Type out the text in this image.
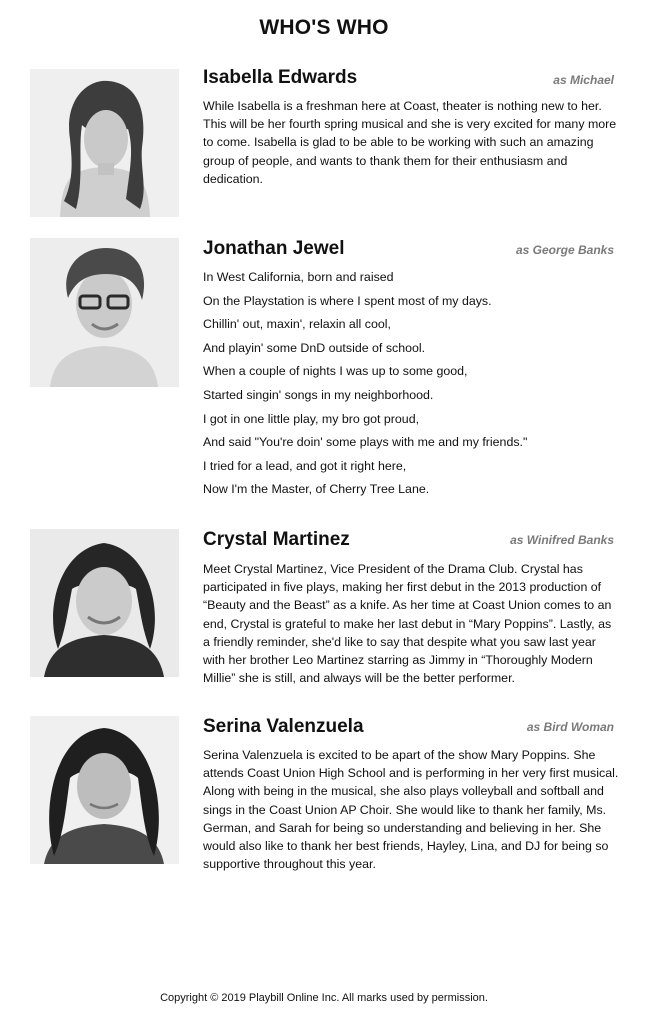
WHO'S WHO
Isabella Edwards	as Michael
While Isabella is a freshman here at Coast, theater is nothing new to her. This will be her fourth spring musical and she is very excited for many more to come. Isabella is glad to be able to be working with such an amazing group of people, and wants to thank them for their enthusiasm and dedication.
Jonathan Jewel	as George Banks
In West California, born and raised
On the Playstation is where I spent most of my days.
Chillin' out, maxin', relaxin all cool,
And playin' some DnD outside of school.
When a couple of nights I was up to some good,
Started singin' songs in my neighborhood.
I got in one little play, my bro got proud,
And said "You're doin' some plays with me and my friends."
I tried for a lead, and got it right here,
Now I'm the Master, of Cherry Tree Lane.
Crystal Martinez	as Winifred Banks
Meet Crystal Martinez, Vice President of the Drama Club. Crystal has participated in five plays, making her first debut in the 2013 production of “Beauty and the Beast” as a knife. As her time at Coast Union comes to an end, Crystal is grateful to make her last debut in “Mary Poppins”. Lastly, as a friendly reminder, she'd like to say that despite what you saw last year with her brother Leo Martinez starring as Jimmy in “Thoroughly Modern Millie” she is still, and always will be the better performer.
Serina Valenzuela	as Bird Woman
Serina Valenzuela is excited to be apart of the show Mary Poppins. She attends Coast Union High School and is performing in her very first musical. Along with being in the musical, she also plays volleyball and softball and sings in the Coast Union AP Choir. She would like to thank her family, Ms. German, and Sarah for being so understanding and believing in her. She would also like to thank her best friends, Hayley, Lina, and DJ for being so supportive throughout this year.
Copyright © 2019 Playbill Online Inc. All marks used by permission.
